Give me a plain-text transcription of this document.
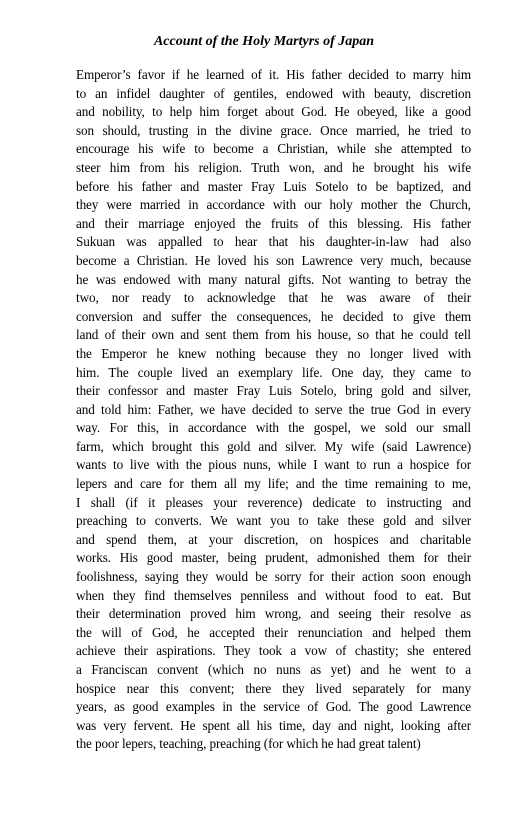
Account of the Holy Martyrs of Japan
Emperor’s favor if he learned of it. His father decided to marry him
to an infidel daughter of gentiles, endowed with beauty, discretion
and nobility, to help him forget about God. He obeyed, like a good
son should, trusting in the divine grace. Once married, he tried to
encourage his wife to become a Christian, while she attempted to
steer him from his religion. Truth won, and he brought his wife
before his father and master Fray Luis Sotelo to be baptized, and
they were married in accordance with our holy mother the Church,
and their marriage enjoyed the fruits of this blessing. His father
Sukuan was appalled to hear that his daughter-in-law had also
become a Christian. He loved his son Lawrence very much, because
he was endowed with many natural gifts. Not wanting to betray the
two, nor ready to acknowledge that he was aware of their
conversion and suffer the consequences, he decided to give them
land of their own and sent them from his house, so that he could tell
the Emperor he knew nothing because they no longer lived with
him. The couple lived an exemplary life. One day, they came to
their confessor and master Fray Luis Sotelo, bring gold and silver,
and told him: Father, we have decided to serve the true God in every
way. For this, in accordance with the gospel, we sold our small
farm, which brought this gold and silver. My wife (said Lawrence)
wants to live with the pious nuns, while I want to run a hospice for
lepers and care for them all my life; and the time remaining to me,
I shall (if it pleases your reverence) dedicate to instructing and
preaching to converts. We want you to take these gold and silver
and spend them, at your discretion, on hospices and charitable
works. His good master, being prudent, admonished them for their
foolishness, saying they would be sorry for their action soon enough
when they find themselves penniless and without food to eat. But
their determination proved him wrong, and seeing their resolve as
the will of God, he accepted their renunciation and helped them
achieve their aspirations. They took a vow of chastity; she entered
a Franciscan convent (which no nuns as yet) and he went to a
hospice near this convent; there they lived separately for many
years, as good examples in the service of God. The good Lawrence
was very fervent. He spent all his time, day and night, looking after
the poor lepers, teaching, preaching (for which he had great talent)
